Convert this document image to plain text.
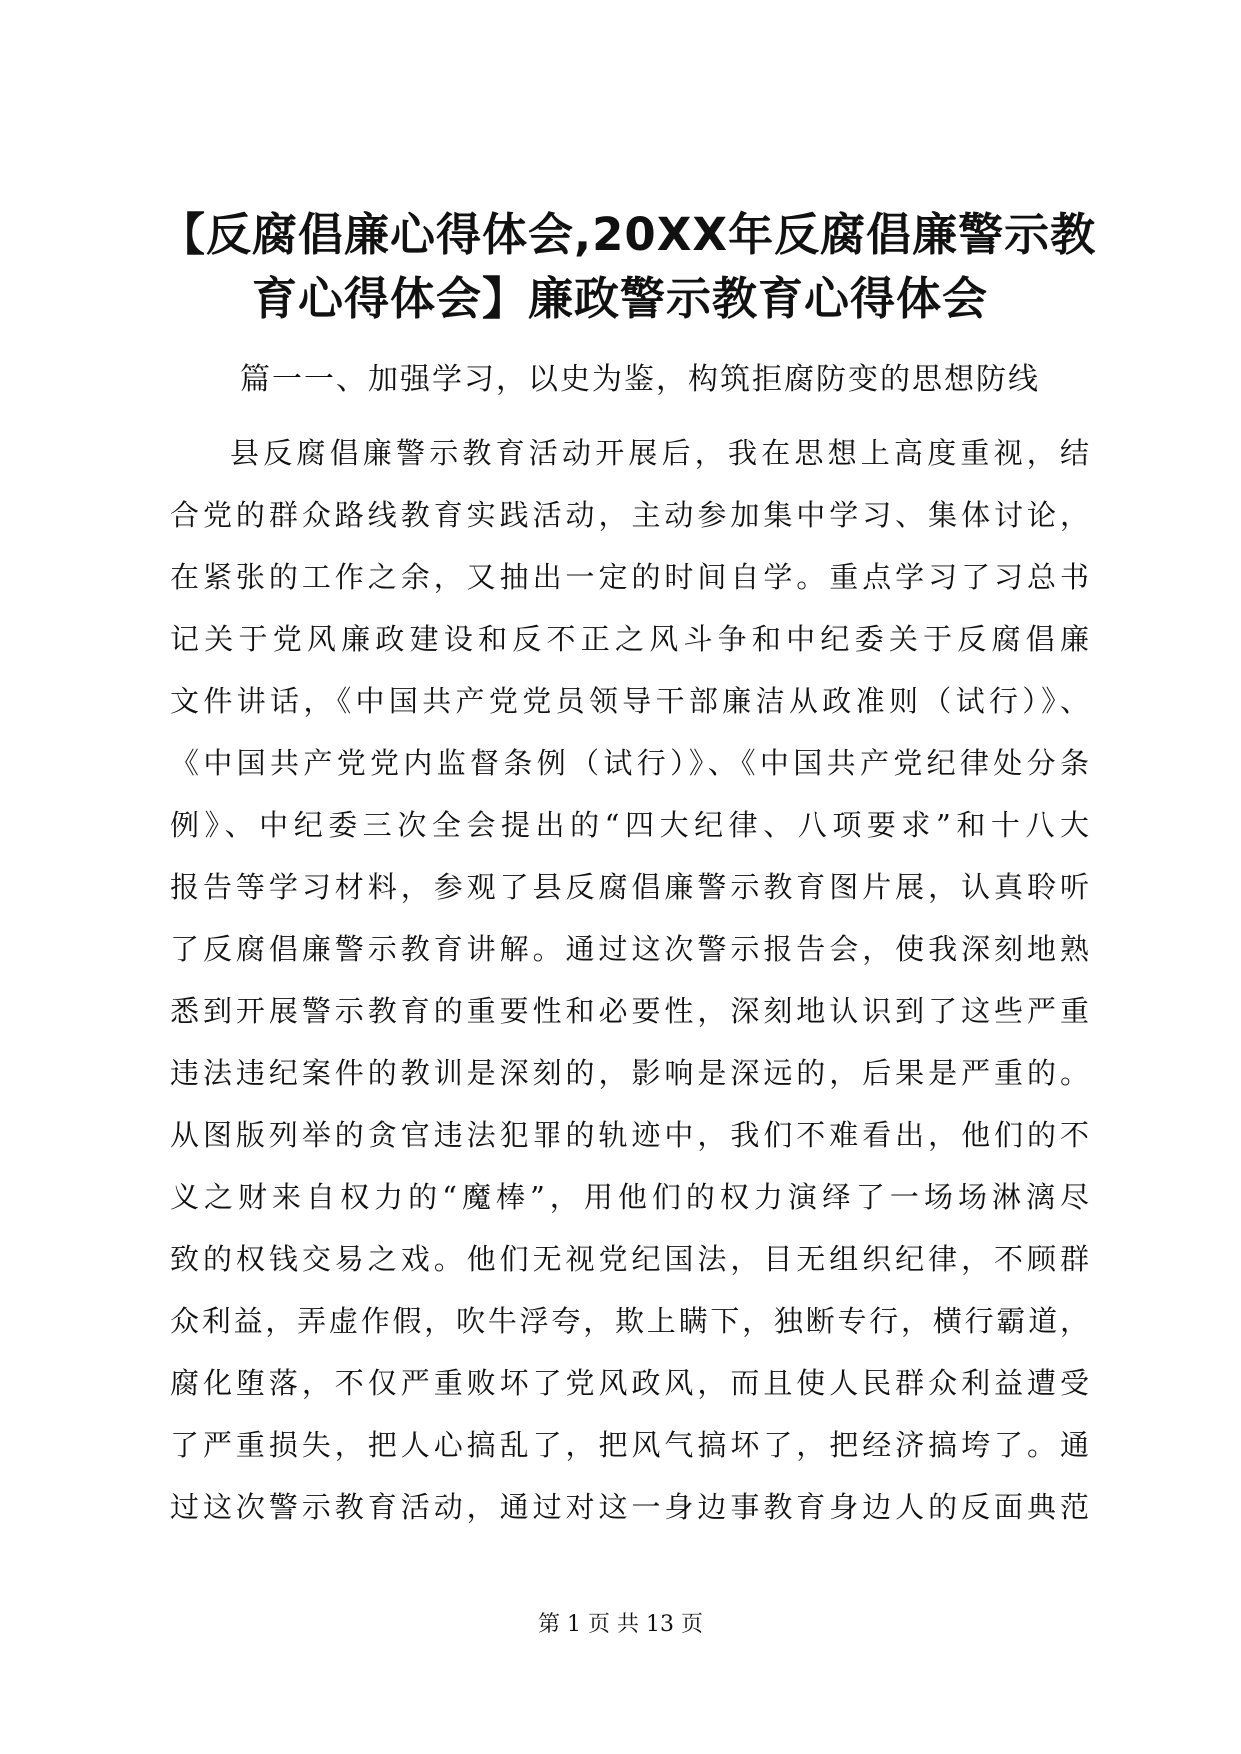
【反腐倡廉心得体会,20XX年反腐倡廉警示教
育心得体会】廉政警示教育心得体会

篇一一、加强学习，以史为鉴，构筑拒腐防变的思想防线

县反腐倡廉警示教育活动开展后，我在思想上高度重视，结
合党的群众路线教育实践活动，主动参加集中学习、集体讨论，
在紧张的工作之余，又抽出一定的时间自学。重点学习了习总书
记关于党风廉政建设和反不正之风斗争和中纪委关于反腐倡廉
文件讲话，《中国共产党党员领导干部廉洁从政准则（试行）》、
《中国共产党党内监督条例（试行）》、《中国共产党纪律处分条
例》、中纪委三次全会提出的“四大纪律、八项要求”和十八大
报告等学习材料，参观了县反腐倡廉警示教育图片展，认真聆听
了反腐倡廉警示教育讲解。通过这次警示报告会，使我深刻地熟
悉到开展警示教育的重要性和必要性，深刻地认识到了这些严重
违法违纪案件的教训是深刻的，影响是深远的，后果是严重的。
从图版列举的贪官违法犯罪的轨迹中，我们不难看出，他们的不
义之财来自权力的“魔棒”，用他们的权力演绎了一场场淋漓尽
致的权钱交易之戏。他们无视党纪国法，目无组织纪律，不顾群
众利益，弄虚作假，吹牛浮夸，欺上瞒下，独断专行，横行霸道，
腐化堕落，不仅严重败坏了党风政风，而且使人民群众利益遭受
了严重损失，把人心搞乱了，把风气搞坏了，把经济搞垮了。通
过这次警示教育活动，通过对这一身边事教育身边人的反面典范

第 1 页 共 13 页
